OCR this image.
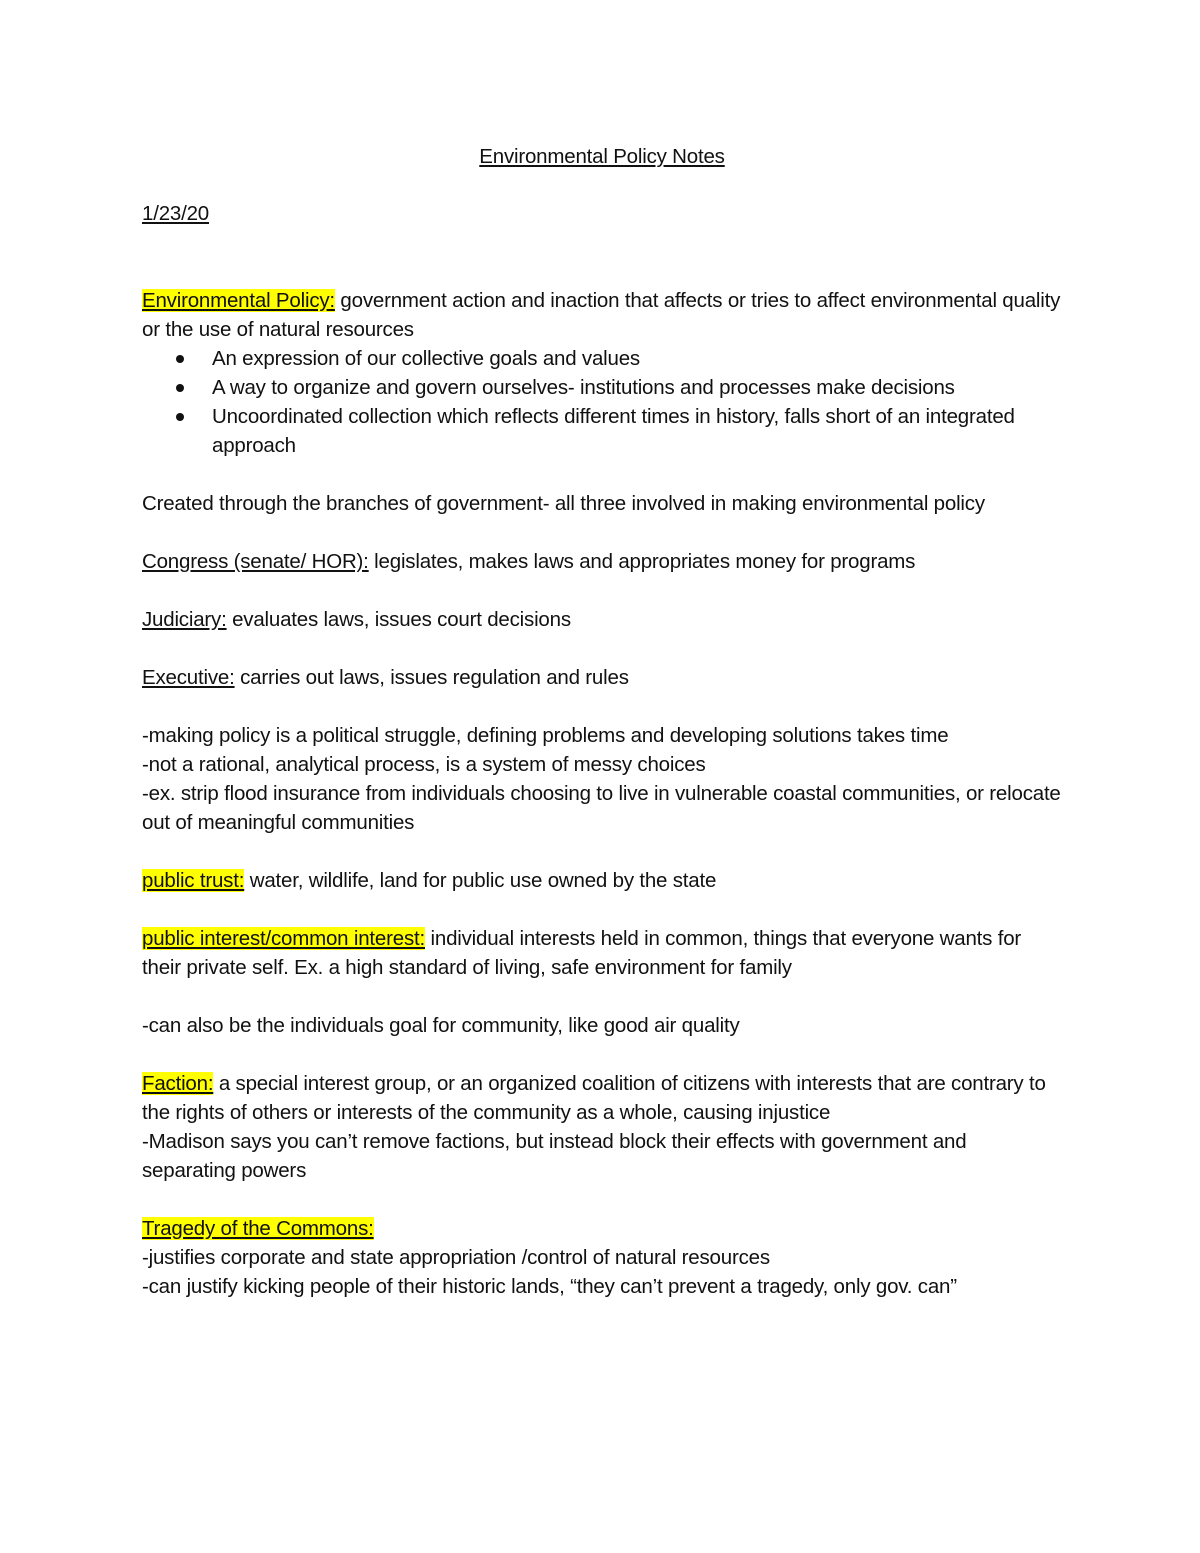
Environmental Policy Notes

1/23/20

Environmental Policy: government action and inaction that affects or tries to affect environmental quality or the use of natural resources

An expression of our collective goals and values
A way to organize and govern ourselves- institutions and processes make decisions
Uncoordinated collection which reflects different times in history, falls short of an integrated approach

Created through the branches of government- all three involved in making environmental policy

Congress (senate/ HOR): legislates, makes laws and appropriates money for programs

Judiciary: evaluates laws, issues court decisions

Executive: carries out laws, issues regulation and rules

-making policy is a political struggle, defining problems and developing solutions takes time

-not a rational, analytical process, is a system of messy choices

-ex. strip flood insurance from individuals choosing to live in vulnerable coastal communities, or relocate out of meaningful communities

public trust: water, wildlife, land for public use owned by the state

public interest/common interest: individual interests held in common, things that everyone wants for their private self. Ex. a high standard of living, safe environment for family

-can also be the individuals goal for community, like good air quality

Faction: a special interest group, or an organized coalition of citizens with interests that are contrary to the rights of others or interests of the community as a whole, causing injustice

-Madison says you can’t remove factions, but instead block their effects with government and separating powers

Tragedy of the Commons:

-justifies corporate and state appropriation /control of natural resources

-can justify kicking people of their historic lands, “they can’t prevent a tragedy, only gov. can”
